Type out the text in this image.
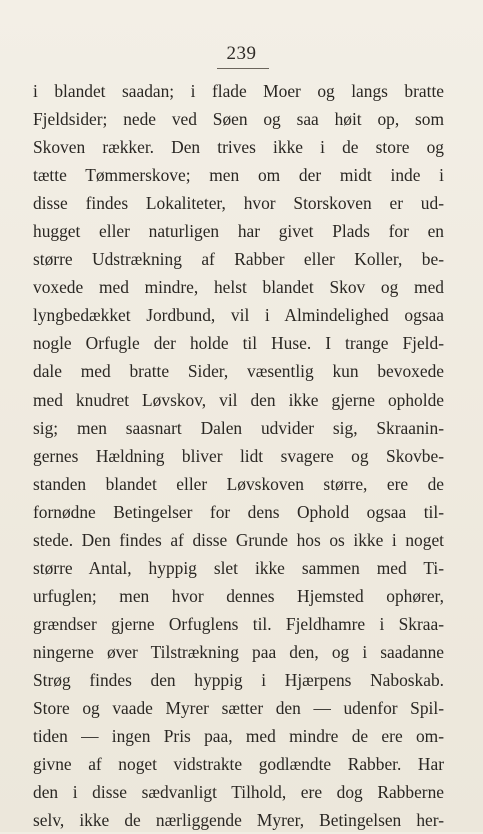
239
i blandet saadan; i flade Moer og langs bratte
Fjeldsider; nede ved Søen og saa høit op, som
Skoven rækker. Den trives ikke i de store og
tætte Tømmerskove; men om der midt inde i
disse findes Lokaliteter, hvor Storskoven er ud-
hugget eller naturligen har givet Plads for en
større Udstrækning af Rabber eller Koller, be-
voxede med mindre, helst blandet Skov og med
lyngbedækket Jordbund, vil i Almindelighed ogsaa
nogle Orfugle der holde til Huse. I trange Fjeld-
dale med bratte Sider, væsentlig kun bevoxede
med knudret Løvskov, vil den ikke gjerne opholde
sig; men saasnart Dalen udvider sig, Skraanin-
gernes Hældning bliver lidt svagere og Skovbe-
standen blandet eller Løvskoven større, ere de
fornødne Betingelser for dens Ophold ogsaa til-
stede. Den findes af disse Grunde hos os ikke i noget
større Antal, hyppig slet ikke sammen med Ti-
urfuglen; men hvor dennes Hjemsted ophører,
grændser gjerne Orfuglens til. Fjeldhamre i Skraa-
ningerne øver Tilstrækning paa den, og i saadanne
Strøg findes den hyppig i Hjærpens Naboskab.
Store og vaade Myrer sætter den — udenfor Spil-
tiden — ingen Pris paa, med mindre de ere om-
givne af noget vidstrakte godlændte Rabber. Har
den i disse sædvanligt Tilhold, ere dog Rabberne
selv, ikke de nærliggende Myrer, Betingelsen her-
